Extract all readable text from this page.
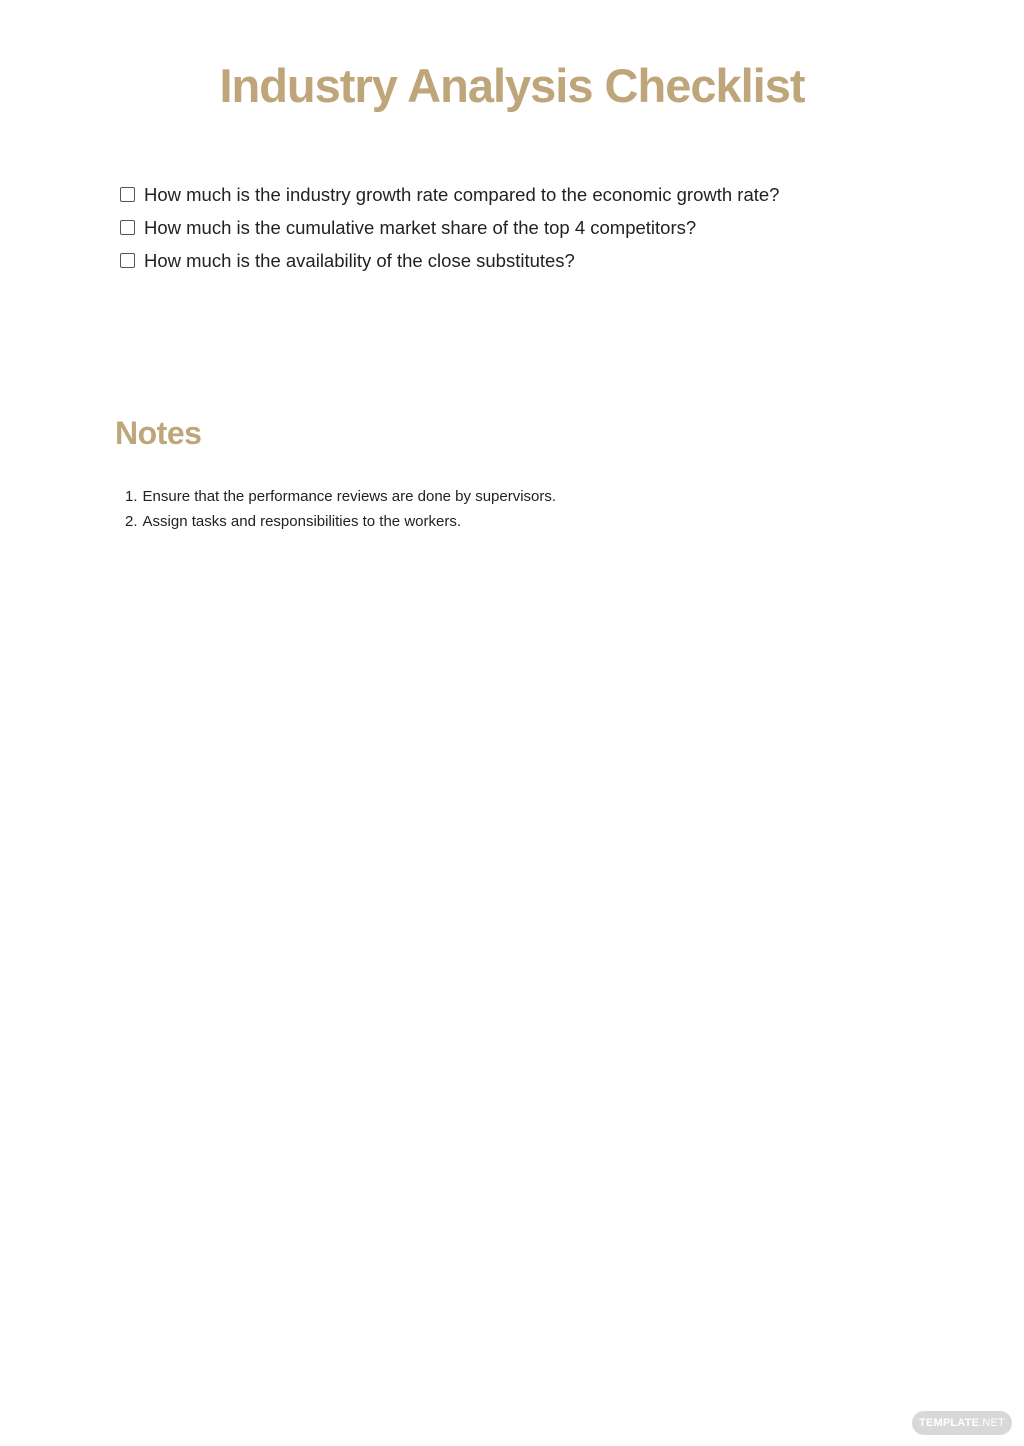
Industry Analysis Checklist
How much is the industry growth rate compared to the economic growth rate?
How much is the cumulative market share of the top 4 competitors?
How much is the availability of the close substitutes?
Notes
1. Ensure that the performance reviews are done by supervisors.
2. Assign tasks and responsibilities to the workers.
TEMPLATE .NET
